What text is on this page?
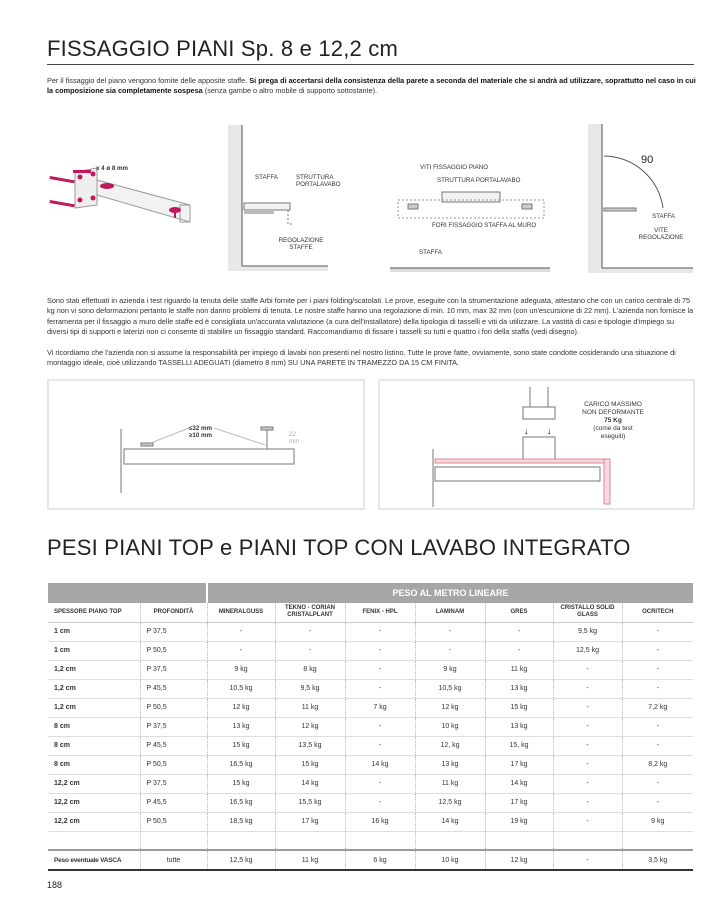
FISSAGGIO PIANI Sp. 8 e 12,2 cm

Per il fissaggio del piano vengono fornite delle apposite staffe. Si prega di accertarsi della consistenza della parete a seconda del materiale che si andrà ad utilizzare, soprattutto nel caso in cui la composizione sia completamente sospesa (senza gambe o altro mobile di supporto sottostante).

x 4 ø 8 mm
STAFFA	STRUTTURA PORTALAVABO
REGOLAZIONE STAFFE
VITI FISSAGGIO PIANO
STRUTTURA PORTALAVABO
FORI FISSAGGIO STAFFA AL MURO
STAFFA
90
STAFFA
VITE REGOLAZIONE

Sono stati effettuati in azienda i test riguardo la tenuta delle staffe Arbi fornite per i piani folding/scatolati. Le prove, eseguite con la strumentazione adeguata, attestano che con un carico centrale di 75 kg non vi sono deformazioni pertanto le staffe non danno problemi di tenuta. Le nostre staffe hanno una regolazione di min. 10 mm, max 32 mm (con un'escursione di 22 mm). L'azienda non fornisce la ferramenta per il fissaggio a muro delle staffe ed è consigliata un'accurata valutazione (a cura dell'installatore) della tipologia di tasselli e viti da utilizzare. La vastità di casi e tipologie d'impiego su diversi tipi di supporti e laterizi non ci consente di stabilire un fissaggio standard. Raccomandiamo di fissare i tasselli su tutti e quattro i fori della staffa (vedi disegno).

Vi ricordiamo che l'azienda non si assume la responsabilità per impiego di lavabi non presenti nel nostro listino. Tutte le prove fatte, ovviamente, sono state condotte cosiderando una situazione di montaggio ideale, cioè utilizzando TASSELLI ADEGUATI (diametro 8 mm) SU UNA PARETE IN TRAMEZZO DA 15 CM FINITA.

≤32 mm
≥10 mm	22 mm
↓ ↓
CARICO MASSIMO
NON DEFORMANTE
75 Kg
(come da test
eseguiti)
PESI PIANI TOP e PIANI TOP CON LAVABO INTEGRATO
		PESO AL METRO LINEARE						
SPESSORE PIANO TOP	PROFONDITÀ	MINERALGUSS	TEKNO - CORIAN CRISTALPLANT	FENIX - HPL	LAMINAM	GRES	CRISTALLO SOLID GLASS	OCRITECH
1 cm	P 37,5	-	-	-	-	-	9,5 kg	-
1 cm	P 50,5	-	-	-	-	-	12,5 kg	-
1,2 cm	P 37,5	9 kg	8 kg	-	9 kg	11 kg	-	-
1,2 cm	P 45,5	10,5 kg	9,5 kg	-	10,5 kg	13 kg	-	-
1,2 cm	P 50,5	12 kg	11 kg	7 kg	12 kg	15 kg	-	7,2 kg
8 cm	P 37,5	13 kg	12 kg	-	10 kg	13 kg	-	-
8 cm	P 45,5	15 kg	13,5 kg	-	12, kg	15, kg	-	-
8 cm	P 50,5	16,5 kg	15 kg	14 kg	13 kg	17 kg	-	8,2 kg
12,2 cm	P 37,5	15 kg	14 kg	-	11 kg	14 kg	-	-
12,2 cm	P 45,5	16,5 kg	15,5 kg	-	12,5 kg	17 kg	-	-
12,2 cm	P 50,5	18,5 kg	17 kg	16 kg	14 kg	19 kg	-	9 kg

Peso eventuale VASCA	tutte	12,5 kg	11 kg	6 kg	10 kg	12 kg	-	3,5 kg
188
